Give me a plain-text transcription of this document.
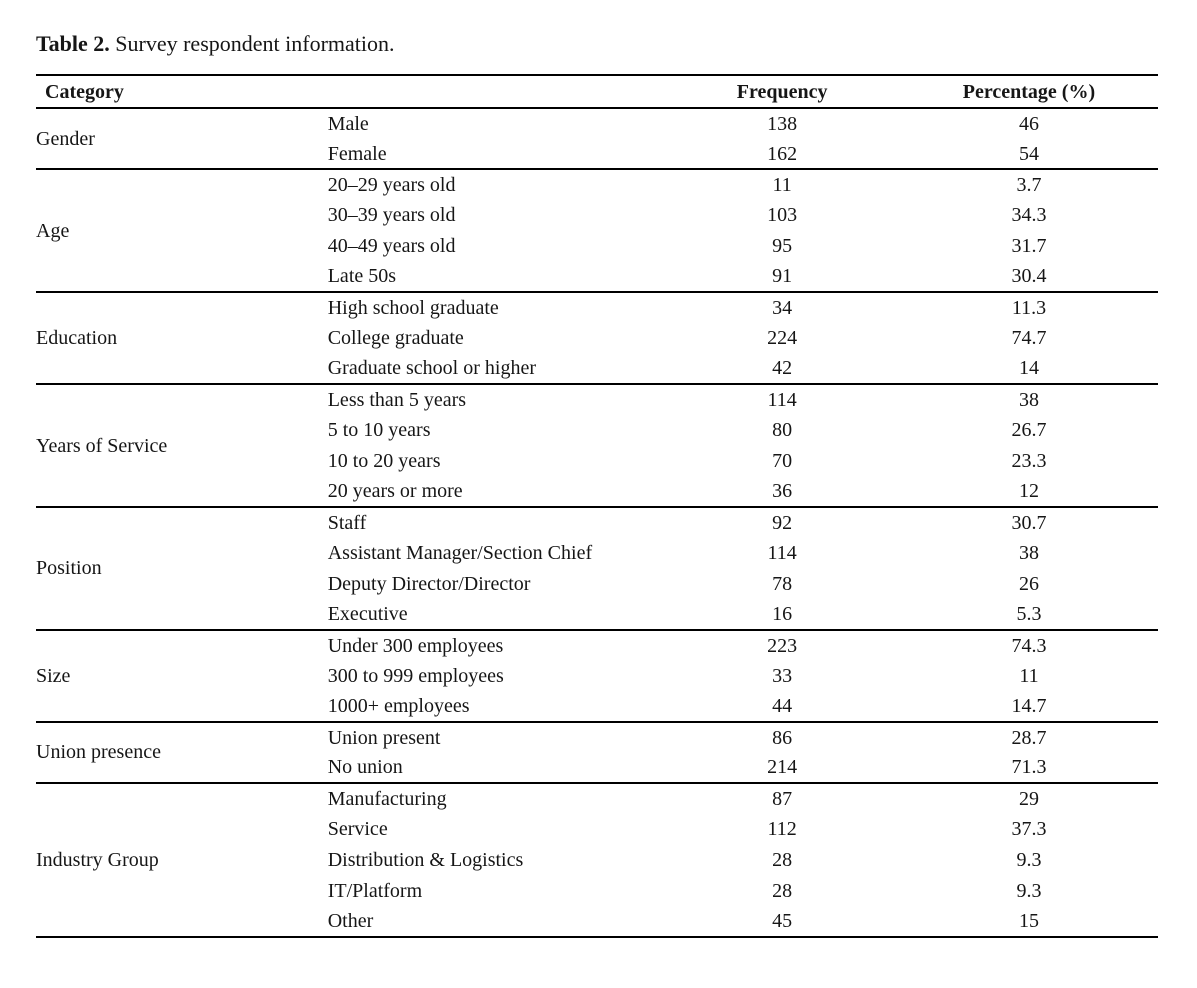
Table 2. Survey respondent information.
Category		Frequency	Percentage (%)
Gender	Male	138	46
	Female	162	54
Age	20–29 years old	11	3.7
	30–39 years old	103	34.3
	40–49 years old	95	31.7
	Late 50s	91	30.4
Education	High school graduate	34	11.3
	College graduate	224	74.7
	Graduate school or higher	42	14
Years of Service	Less than 5 years	114	38
	5 to 10 years	80	26.7
	10 to 20 years	70	23.3
	20 years or more	36	12
Position	Staff	92	30.7
	Assistant Manager/Section Chief	114	38
	Deputy Director/Director	78	26
	Executive	16	5.3
Size	Under 300 employees	223	74.3
	300 to 999 employees	33	11
	1000+ employees	44	14.7
Union presence	Union present	86	28.7
	No union	214	71.3
Industry Group	Manufacturing	87	29
	Service	112	37.3
	Distribution & Logistics	28	9.3
	IT/Platform	28	9.3
	Other	45	15
